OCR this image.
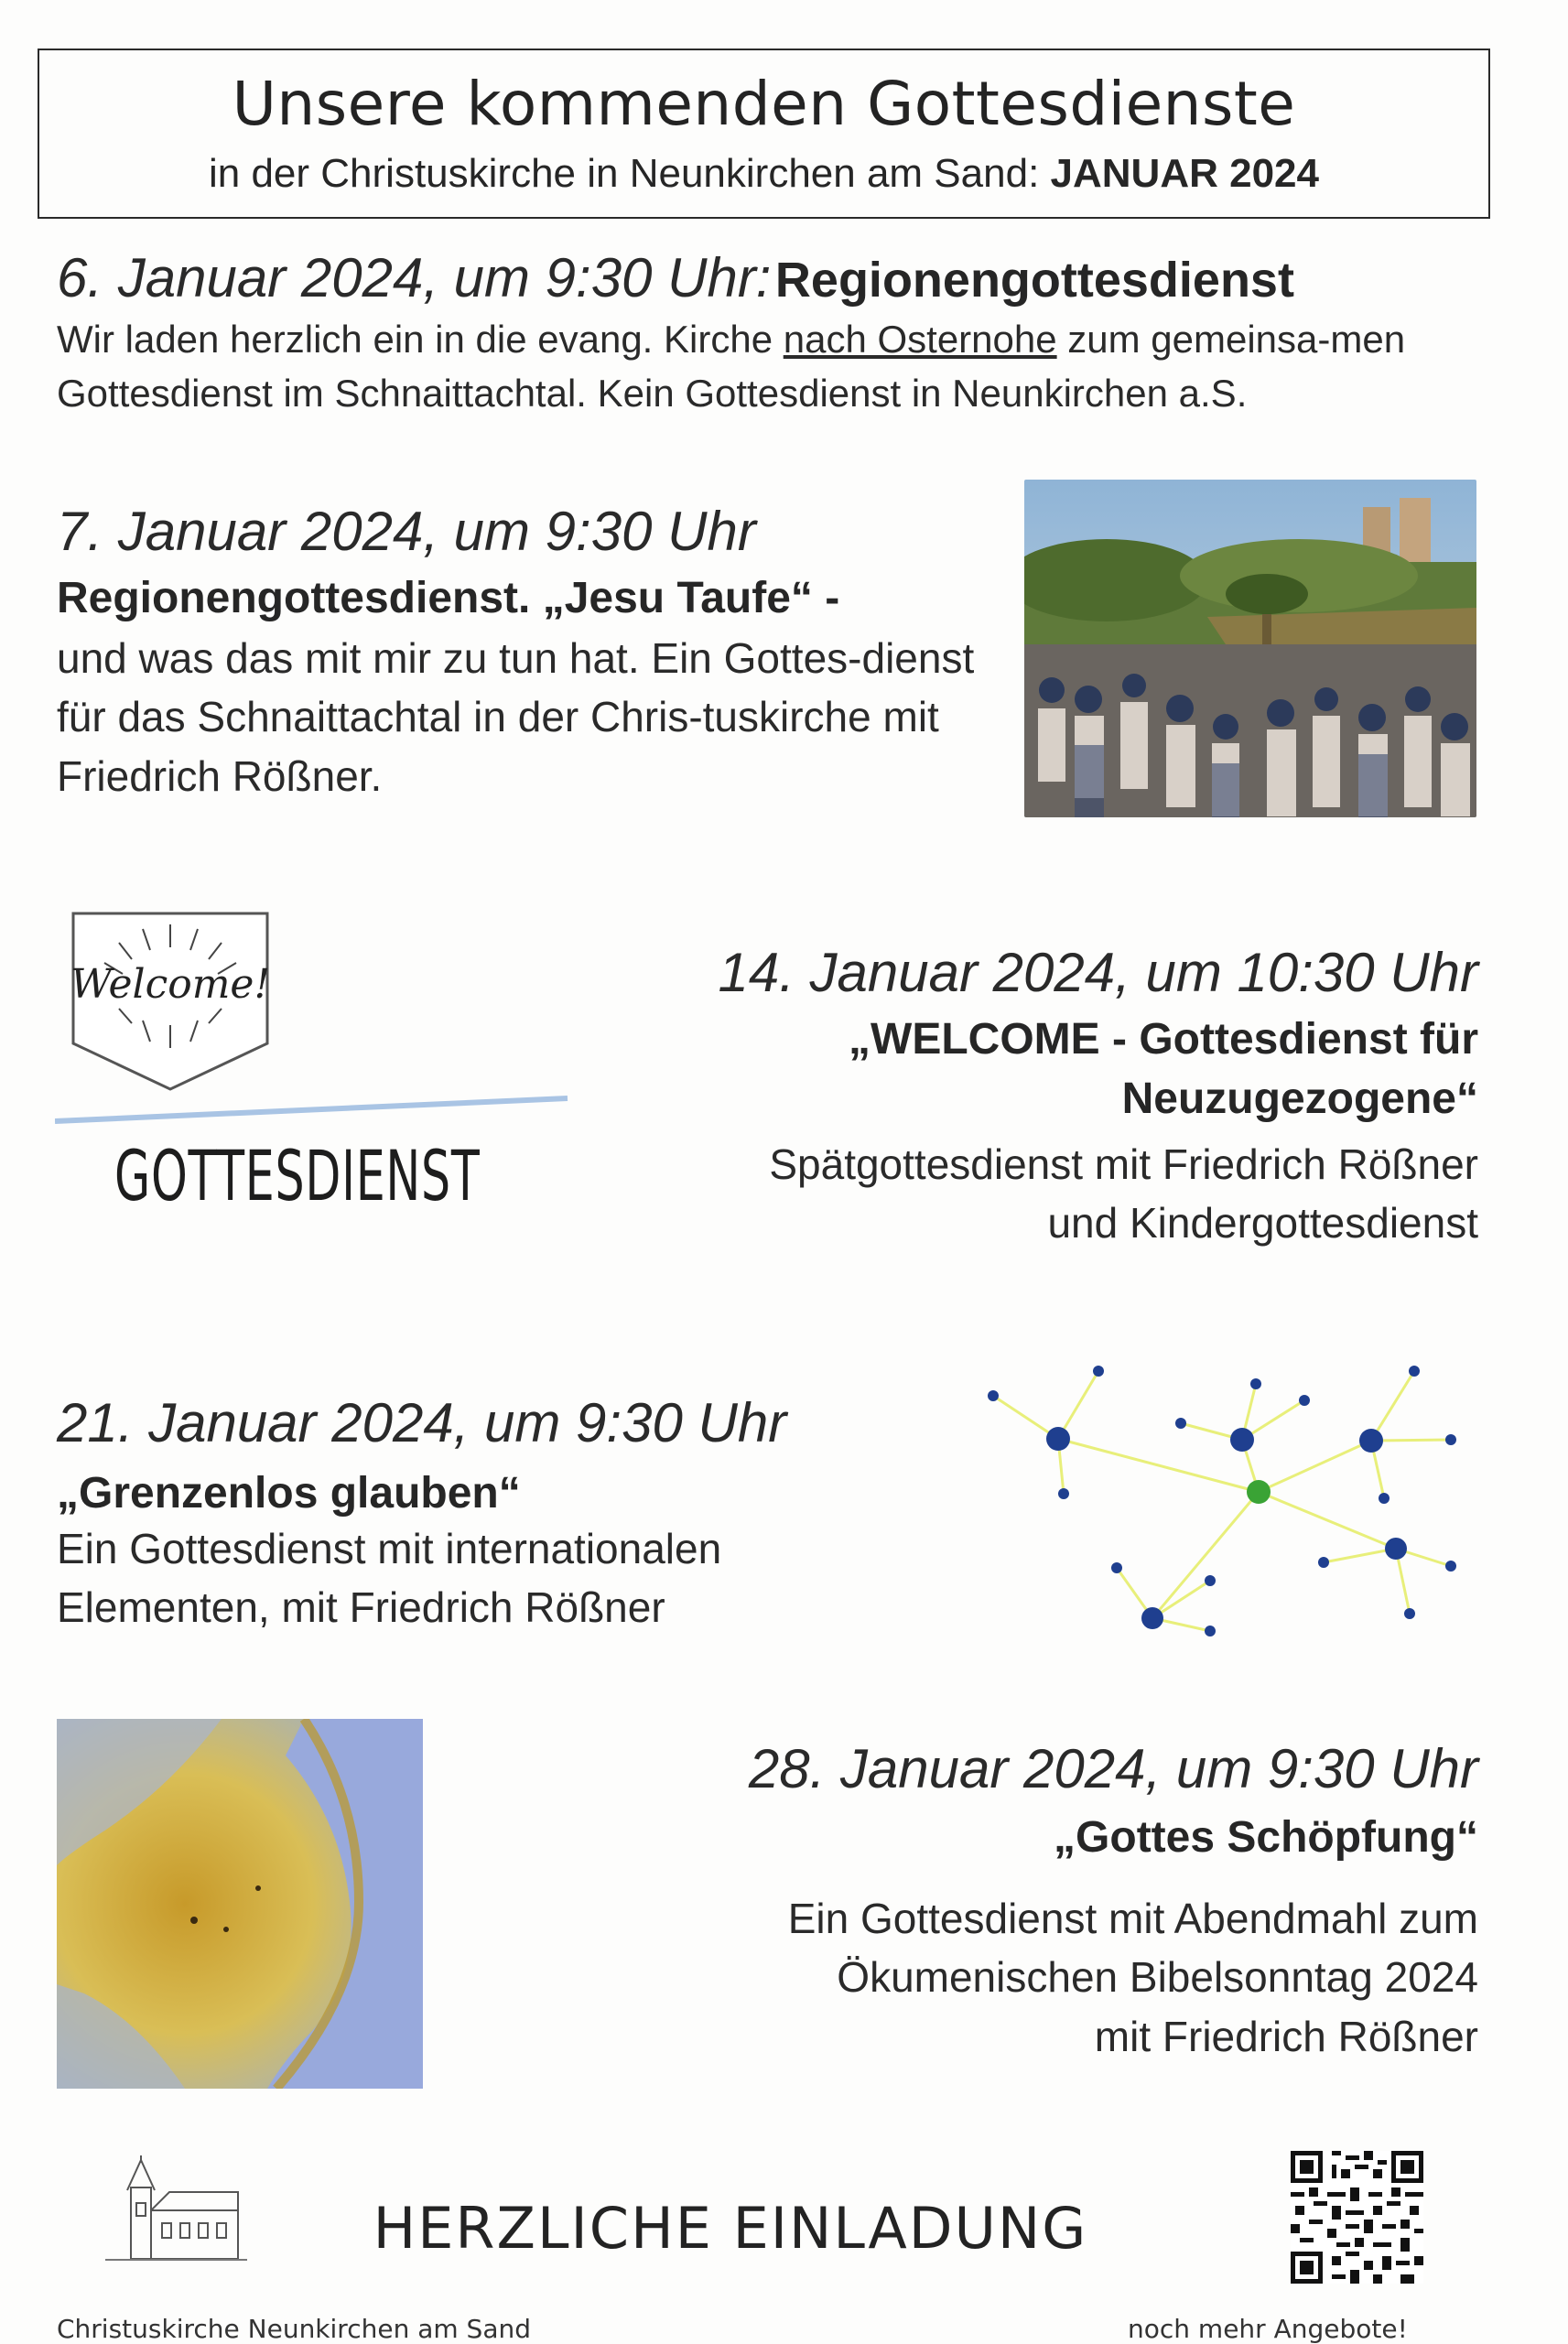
Unsere kommenden Gottesdienste
in der Christuskirche in Neunkirchen am Sand: JANUAR 2024
6. Januar 2024, um 9:30 Uhr: Regionengottesdienst
Wir laden herzlich ein in die evang. Kirche nach Osternohe zum gemeinsa-men Gottesdienst im Schnaittachtal. Kein Gottesdienst in Neunkirchen a.S.
7. Januar 2024, um 9:30 Uhr
Regionengottesdienst. „Jesu Taufe“ -
und was das mit mir zu tun hat. Ein Gottes-dienst für das Schnaittachtal in der Chris-tuskirche mit Friedrich Rößner.
Welcome!
GOTTESDIENST
14. Januar 2024, um 10:30 Uhr
„WELCOME - Gottesdienst für
Neuzugezogene“
Spätgottesdienst mit Friedrich Rößner
und Kindergottesdienst
21. Januar 2024, um 9:30 Uhr
„Grenzenlos glauben“
Ein Gottesdienst mit internationalen
Elementen, mit Friedrich Rößner
28. Januar 2024, um 9:30 Uhr
„Gottes Schöpfung“
Ein Gottesdienst mit Abendmahl zum
Ökumenischen Bibelsonntag 2024
mit Friedrich Rößner
Christuskirche Neunkirchen am Sand
HERZLICHE EINLADUNG
noch mehr Angebote!
